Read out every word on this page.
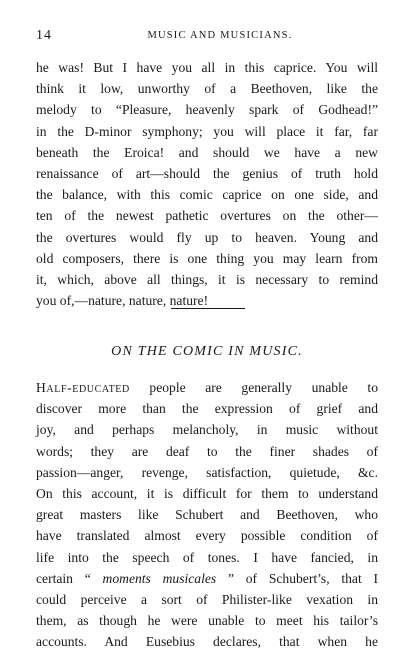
14	MUSIC AND MUSICIANS.
he was! But I have you all in this caprice. You will
think it low, unworthy of a Beethoven, like the
melody to “Pleasure, heavenly spark of Godhead!”
in the D-minor symphony; you will place it far, far
beneath the Eroica! and should we have a new
renaissance of art—should the genius of truth hold
the balance, with this comic caprice on one side, and
ten of the newest pathetic overtures on the other—
the overtures would fly up to heaven. Young and
old composers, there is one thing you may learn from
it, which, above all things, it is necessary to remind
you of,—nature, nature, nature!
ON THE COMIC IN MUSIC.
Half-educated people are generally unable to
discover more than the expression of grief and
joy, and perhaps melancholy, in music without
words; they are deaf to the finer shades of
passion—anger, revenge, satisfaction, quietude, &c.
On this account, it is difficult for them to understand
great masters like Schubert and Beethoven, who
have translated almost every possible condition of
life into the speech of tones. I have fancied, in
certain “ moments musicales ” of Schubert’s, that I
could perceive a sort of Philister-like vexation in
them, as though he were unable to meet his tailor’s
accounts. And Eusebius declares, that when he
